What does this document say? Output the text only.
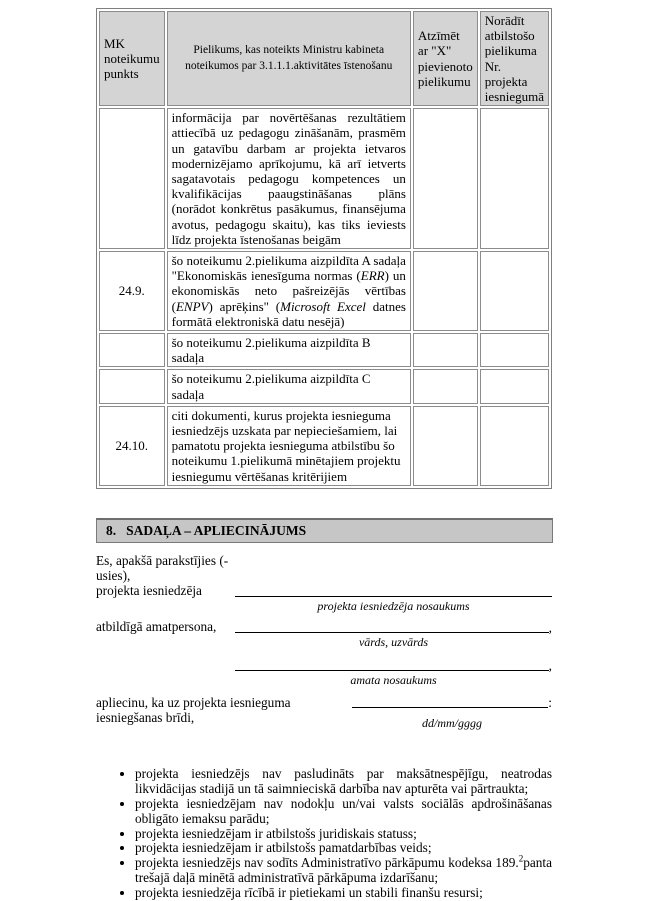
MK noteikumu punkts	Pielikums, kas noteikts Ministru kabineta noteikumos par 3.1.1.1.aktivitātes īstenošanu	Atzīmēt ar "X" pievienoto pielikumu	Norādīt atbilstošo pielikuma Nr. projekta iesniegumā
	informācija par novērtēšanas rezultātiem attiecībā uz pedagogu zināšanām, prasmēm un gatavību darbam ar projekta ietvaros modernizējamo aprīkojumu, kā arī ietverts sagatavotais pedagogu kompetences un kvalifikācijas paaugstināšanas plāns (norādot konkrētus pasākumus, finansējuma avotus, pedagogu skaitu), kas tiks ieviests līdz projekta īstenošanas beigām		
24.9.	šo noteikumu 2.pielikuma aizpildīta A sadaļa "Ekonomiskās ienesīguma normas (ERR) un ekonomiskās neto pašreizējās vērtības (ENPV) aprēķins" (Microsoft Excel datnes formātā elektroniskā datu nesējā)		
	šo noteikumu 2.pielikuma aizpildīta B sadaļa		
	šo noteikumu 2.pielikuma aizpildīta C sadaļa		
24.10.	citi dokumenti, kurus projekta iesnieguma iesniedzējs uzskata par nepieciešamiem, lai pamatotu projekta iesnieguma atbilstību šo noteikumu 1.pielikumā minētajiem projektu iesniegumu vērtēšanas kritērijiem		
8. SADAĻA – APLIECINĀJUMS
Es, apakšā parakstījies (-usies),
projekta iesniedzēja
projekta iesniedzēja nosaukums
atbildīgā amatpersona,	,
vārds, uzvārds
,
amata nosaukums
apliecinu, ka uz projekta iesnieguma
iesniegšanas brīdi,
:
dd/mm/gggg
• projekta iesniedzējs nav pasludināts par maksātnespējīgu, neatrodas likvidācijas stadijā un tā saimnieciskā darbība nav apturēta vai pārtraukta;
• projekta iesniedzējam nav nodokļu un/vai valsts sociālās apdrošināšanas obligāto iemaksu parādu;
• projekta iesniedzējam ir atbilstošs juridiskais statuss;
• projekta iesniedzējam ir atbilstošs pamatdarbības veids;
• projekta iesniedzējs nav sodīts Administratīvo pārkāpumu kodeksa 189.$^2$panta trešajā daļā minētā administratīvā pārkāpuma izdarīšanu;
• projekta iesniedzēja rīcībā ir pietiekami un stabili finanšu resursi;
